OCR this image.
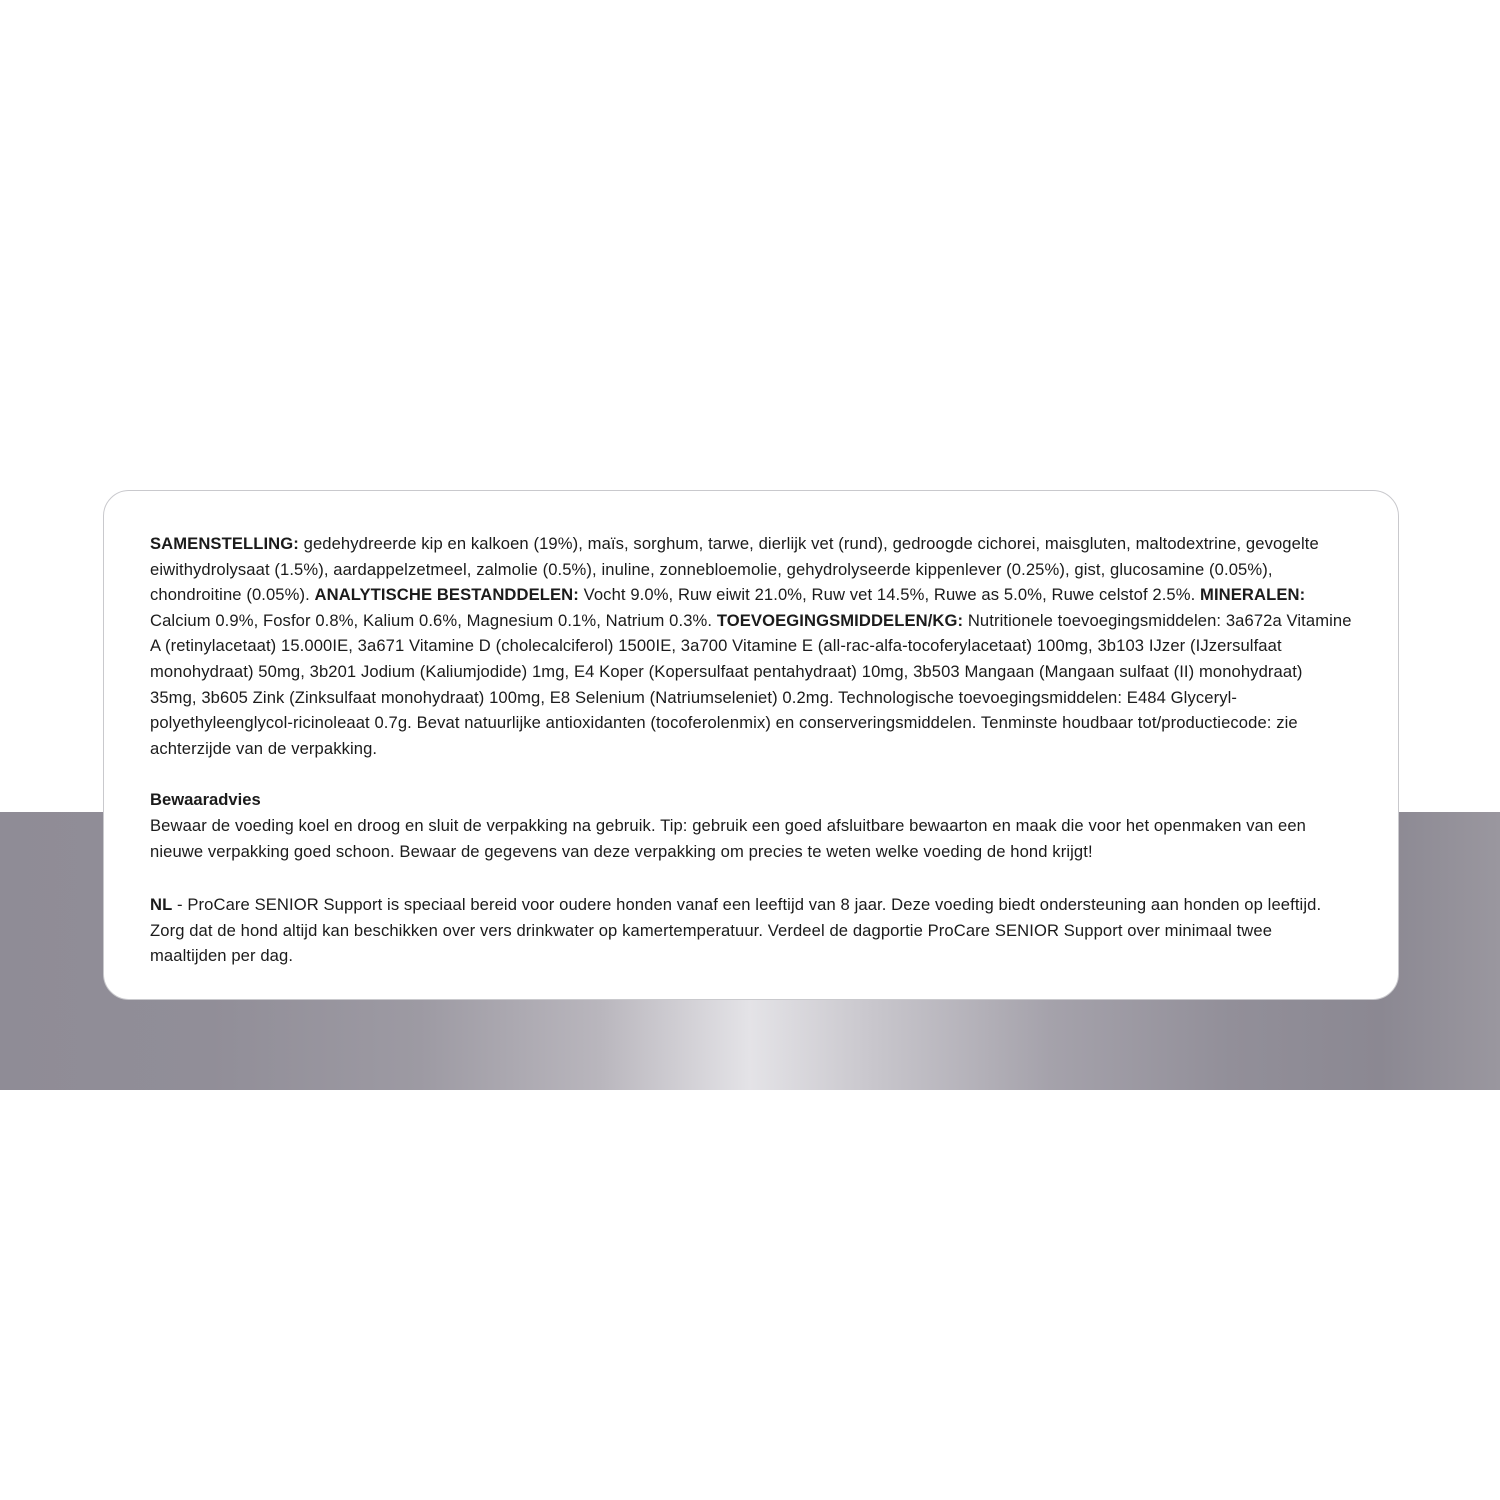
SAMENSTELLING: gedehydreerde kip en kalkoen (19%), maïs, sorghum, tarwe, dierlijk vet (rund), gedroogde cichorei, maisgluten, maltodextrine, gevogelte eiwithydrolysaat (1.5%), aardappelzetmeel, zalmolie (0.5%), inuline, zonnebloemolie, gehydrolyseerde kippenlever (0.25%), gist, glucosamine (0.05%), chondroitine (0.05%). ANALYTISCHE BESTANDDELEN: Vocht 9.0%, Ruw eiwit 21.0%, Ruw vet 14.5%, Ruwe as 5.0%, Ruwe celstof 2.5%. MINERALEN: Calcium 0.9%, Fosfor 0.8%, Kalium 0.6%, Magnesium 0.1%, Natrium 0.3%. TOEVOEGINGSMIDDELEN/KG: Nutritionele toevoegingsmiddelen: 3a672a Vitamine A (retinylacetaat) 15.000IE, 3a671 Vitamine D (cholecalciferol) 1500IE, 3a700 Vitamine E (all-rac-alfa-tocoferylacetaat) 100mg, 3b103 IJzer (IJzersulfaat monohydraat) 50mg, 3b201 Jodium (Kaliumjodide) 1mg, E4 Koper (Kopersulfaat pentahydraat) 10mg, 3b503 Mangaan (Mangaan sulfaat (II) monohydraat) 35mg, 3b605 Zink (Zinksulfaat monohydraat) 100mg, E8 Selenium (Natriumseleniet) 0.2mg. Technologische toevoegingsmiddelen: E484 Glyceryl-polyethyleenglycol-ricinoleaat 0.7g. Bevat natuurlijke antioxidanten (tocoferolenmix) en conserveringsmiddelen. Tenminste houdbaar tot/productiecode: zie achterzijde van de verpakking.

Bewaaradvies

Bewaar de voeding koel en droog en sluit de verpakking na gebruik. Tip: gebruik een goed afsluitbare bewaarton en maak die voor het openmaken van een nieuwe verpakking goed schoon. Bewaar de gegevens van deze verpakking om precies te weten welke voeding de hond krijgt!

NL - ProCare SENIOR Support is speciaal bereid voor oudere honden vanaf een leeftijd van 8 jaar. Deze voeding biedt ondersteuning aan honden op leeftijd. Zorg dat de hond altijd kan beschikken over vers drinkwater op kamertemperatuur. Verdeel de dagportie ProCare SENIOR Support over minimaal twee maaltijden per dag.
